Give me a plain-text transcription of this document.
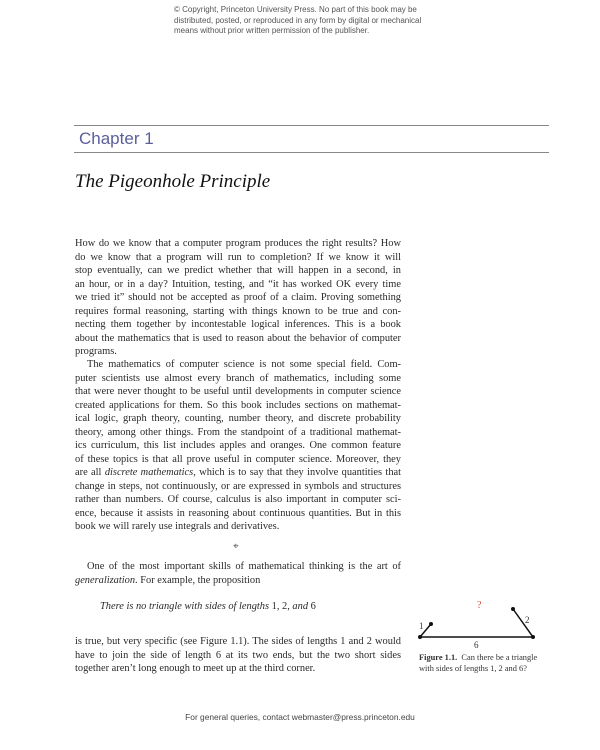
© Copyright, Princeton University Press. No part of this book may be
distributed, posted, or reproduced in any form by digital or mechanical
means without prior written permission of the publisher.
Chapter 1
The Pigeonhole Principle
How do we know that a computer program produces the right results? How
do we know that a program will run to completion? If we know it will
stop eventually, can we predict whether that will happen in a second, in
an hour, or in a day? Intuition, testing, and “it has worked OK every time
we tried it” should not be accepted as proof of a claim. Proving something
requires formal reasoning, starting with things known to be true and con-
necting them together by incontestable logical inferences. This is a book
about the mathematics that is used to reason about the behavior of computer
programs.
The mathematics of computer science is not some special field. Com-
puter scientists use almost every branch of mathematics, including some
that were never thought to be useful until developments in computer science
created applications for them. So this book includes sections on mathemat-
ical logic, graph theory, counting, number theory, and discrete probability
theory, among other things. From the standpoint of a traditional mathemat-
ics curriculum, this list includes apples and oranges. One common feature
of these topics is that all prove useful in computer science. Moreover, they
are all discrete mathematics, which is to say that they involve quantities that
change in steps, not continuously, or are expressed in symbols and structures
rather than numbers. Of course, calculus is also important in computer sci-
ence, because it assists in reasoning about continuous quantities. But in this
book we will rarely use integrals and derivatives.
⌖
One of the most important skills of mathematical thinking is the art of
generalization. For example, the proposition
There is no triangle with sides of lengths 1, 2, and 6
is true, but very specific (see Figure 1.1). The sides of lengths 1 and 2 would
have to join the side of length 6 at its two ends, but the two short sides
together aren’t long enough to meet up at the third corner.
?
1
2
6
Figure 1.1. Can there be a triangle with sides of lengths 1, 2 and 6?
For general queries, contact webmaster@press.princeton.edu
